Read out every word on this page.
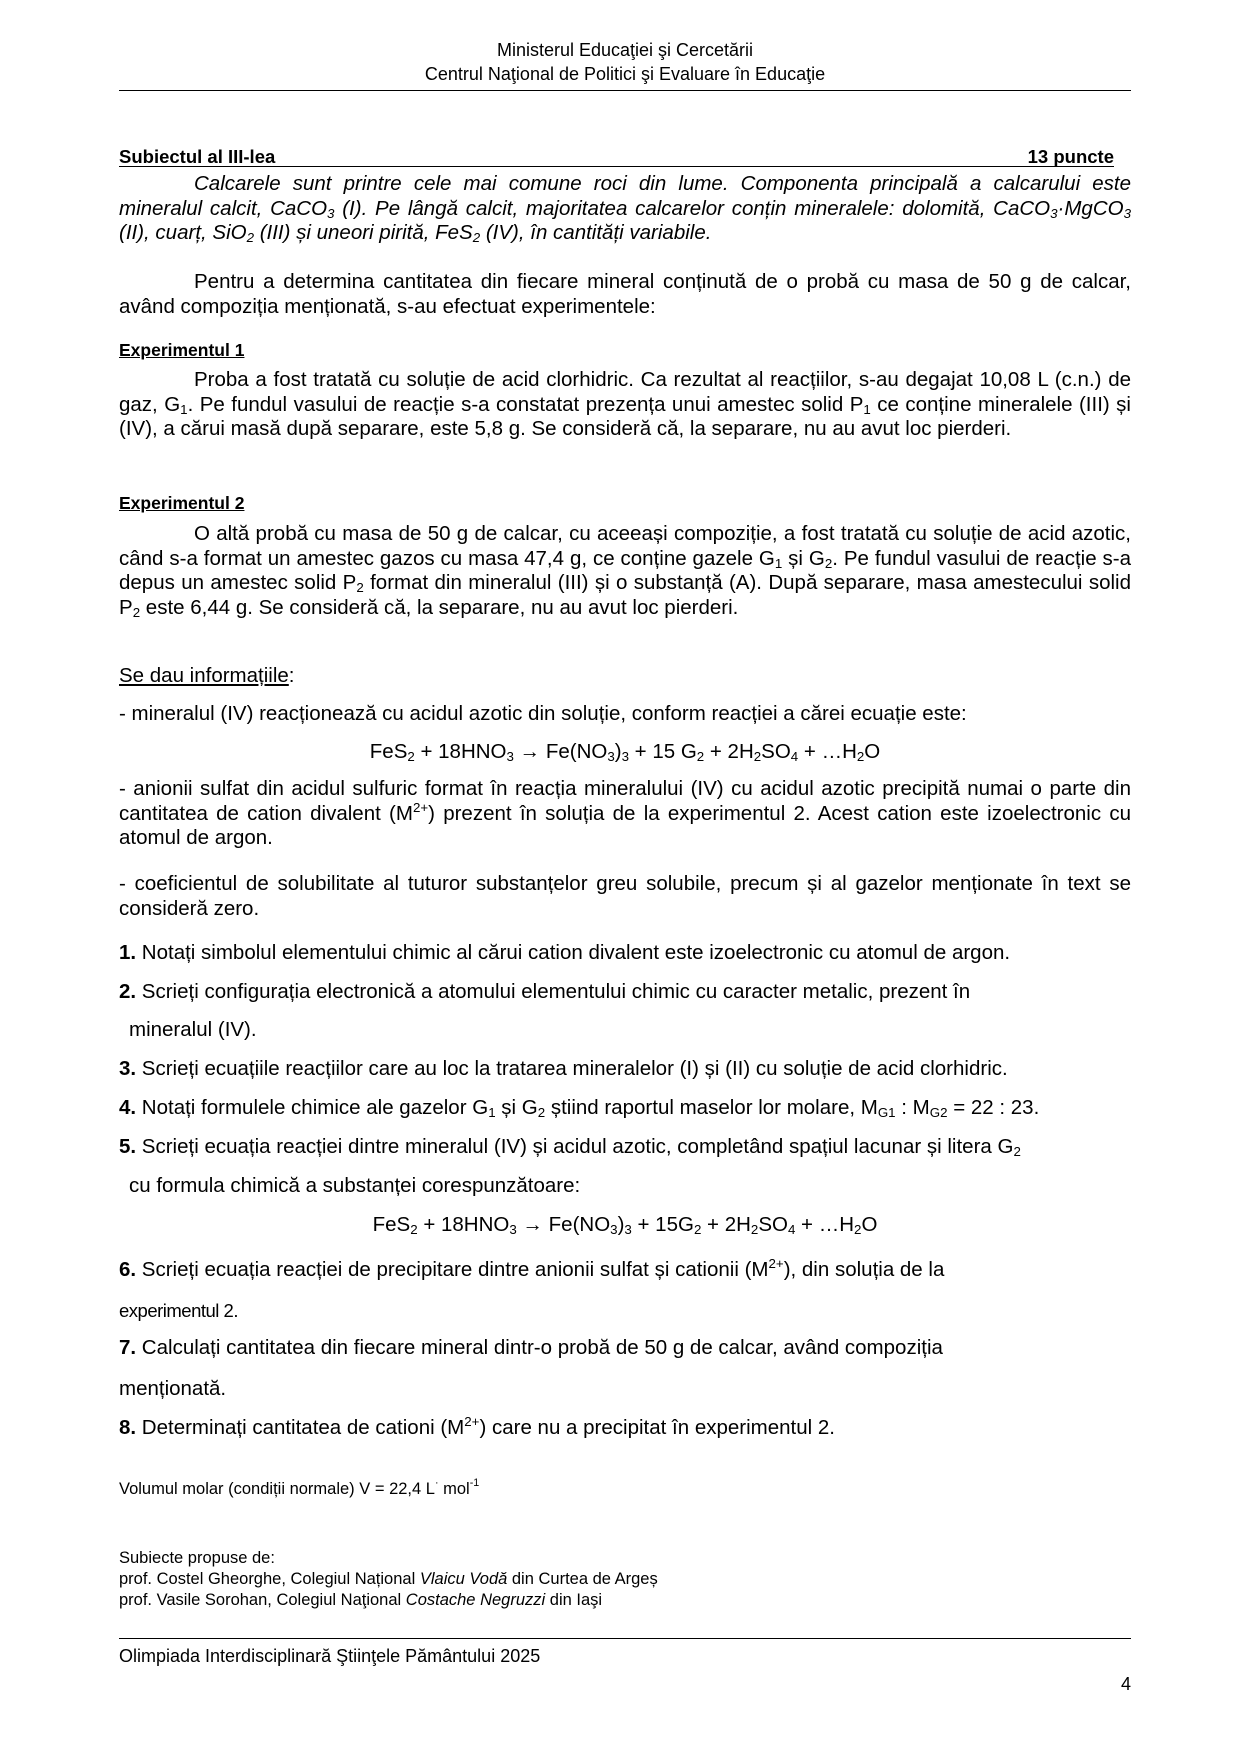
Ministerul Educaţiei şi Cercetării
Centrul Naţional de Politici şi Evaluare în Educaţie
Subiectul al III-lea	13 puncte
Calcarele sunt printre cele mai comune roci din lume. Componenta principală a calcarului este mineralul calcit, CaCO$_3$ (I). Pe lângă calcit, majoritatea calcarelor conțin mineralele: dolomită, CaCO$_3$·MgCO$_3$ (II), cuarț, SiO$_2$ (III) și uneori pirită, FeS$_2$ (IV), în cantități variabile.
Pentru a determina cantitatea din fiecare mineral conținută de o probă cu masa de 50 g de calcar, având compoziția menționată, s-au efectuat experimentele:
Experimentul 1
Proba a fost tratată cu soluție de acid clorhidric. Ca rezultat al reacțiilor, s-au degajat 10,08 L (c.n.) de gaz, $G_1$. Pe fundul vasului de reacție s-a constatat prezența unui amestec solid $P_1$ ce conține mineralele (III) și (IV), a cărui masă după separare, este 5,8 g. Se consideră că, la separare, nu au avut loc pierderi.
Experimentul 2
O altă probă cu masa de 50 g de calcar, cu aceeași compoziție, a fost tratată cu soluție de acid azotic, când s-a format un amestec gazos cu masa 47,4 g, ce conține gazele $G_1$ și $G_2$. Pe fundul vasului de reacție s-a depus un amestec solid $P_2$ format din mineralul (III) și o substanță (A). După separare, masa amestecului solid $P_2$ este 6,44 g. Se consideră că, la separare, nu au avut loc pierderi.
Se dau informațiile:
- mineralul (IV) reacționează cu acidul azotic din soluție, conform reacției a cărei ecuație este:
$FeS_2 + 18HNO_3 \to Fe(NO_3)_3 + 15$ $G_2 + 2H_2SO_4$ + $\dots H_2O$
- anionii sulfat din acidul sulfuric format în reacția mineralului (IV) cu acidul azotic precipită numai o parte din cantitatea de cation divalent $(M^{2+})$ prezent în soluția de la experimentul 2. Acest cation este izoelectronic cu atomul de argon.
- coeficientul de solubilitate al tuturor substanțelor greu solubile, precum și al gazelor menționate în text se consideră zero.
1. Notați simbolul elementului chimic al cărui cation divalent este izoelectronic cu atomul de argon.
2. Scrieți configurația electronică a atomului elementului chimic cu caracter metalic, prezent în
mineralul (IV).
3. Scrieți ecuațiile reacțiilor care au loc la tratarea mineralelor (I) și (II) cu soluție de acid clorhidric.
4. Notați formulele chimice ale gazelor $G_1$ și $G_2$ știind raportul maselor lor molare, $M_{G1}$ : $M_{G2} = 22$ : 23.
5. Scrieți ecuația reacției dintre mineralul (IV) și acidul azotic, completând spațiul lacunar și litera $G_2$
cu formula chimică a substanței corespunzătoare:
$FeS_2 + 18HNO_3 \to Fe(NO_3)_3 + 15G_2 + 2H_2SO_4$ + $\dots H_2O$
6. Scrieți ecuația reacției de precipitare dintre anionii sulfat și cationii $(M^{2+})$, din soluția de la
experimentul 2.
7. Calculați cantitatea din fiecare mineral dintr-o probă de 50 g de calcar, având compoziția
menționată.
8. Determinați cantitatea de cationi $(M^{2+})$ care nu a precipitat în experimentul 2.
Volumul molar (condiții normale) V = 22,4 L· mol$^{-1}$
Subiecte propuse de:
prof. Costel Gheorghe, Colegiul Național Vlaicu Vodă din Curtea de Argeș
prof. Vasile Sorohan, Colegiul Naţional Costache Negruzzi din Iaşi
Olimpiada Interdisciplinară Ştiinţele Pământului 2025
4
